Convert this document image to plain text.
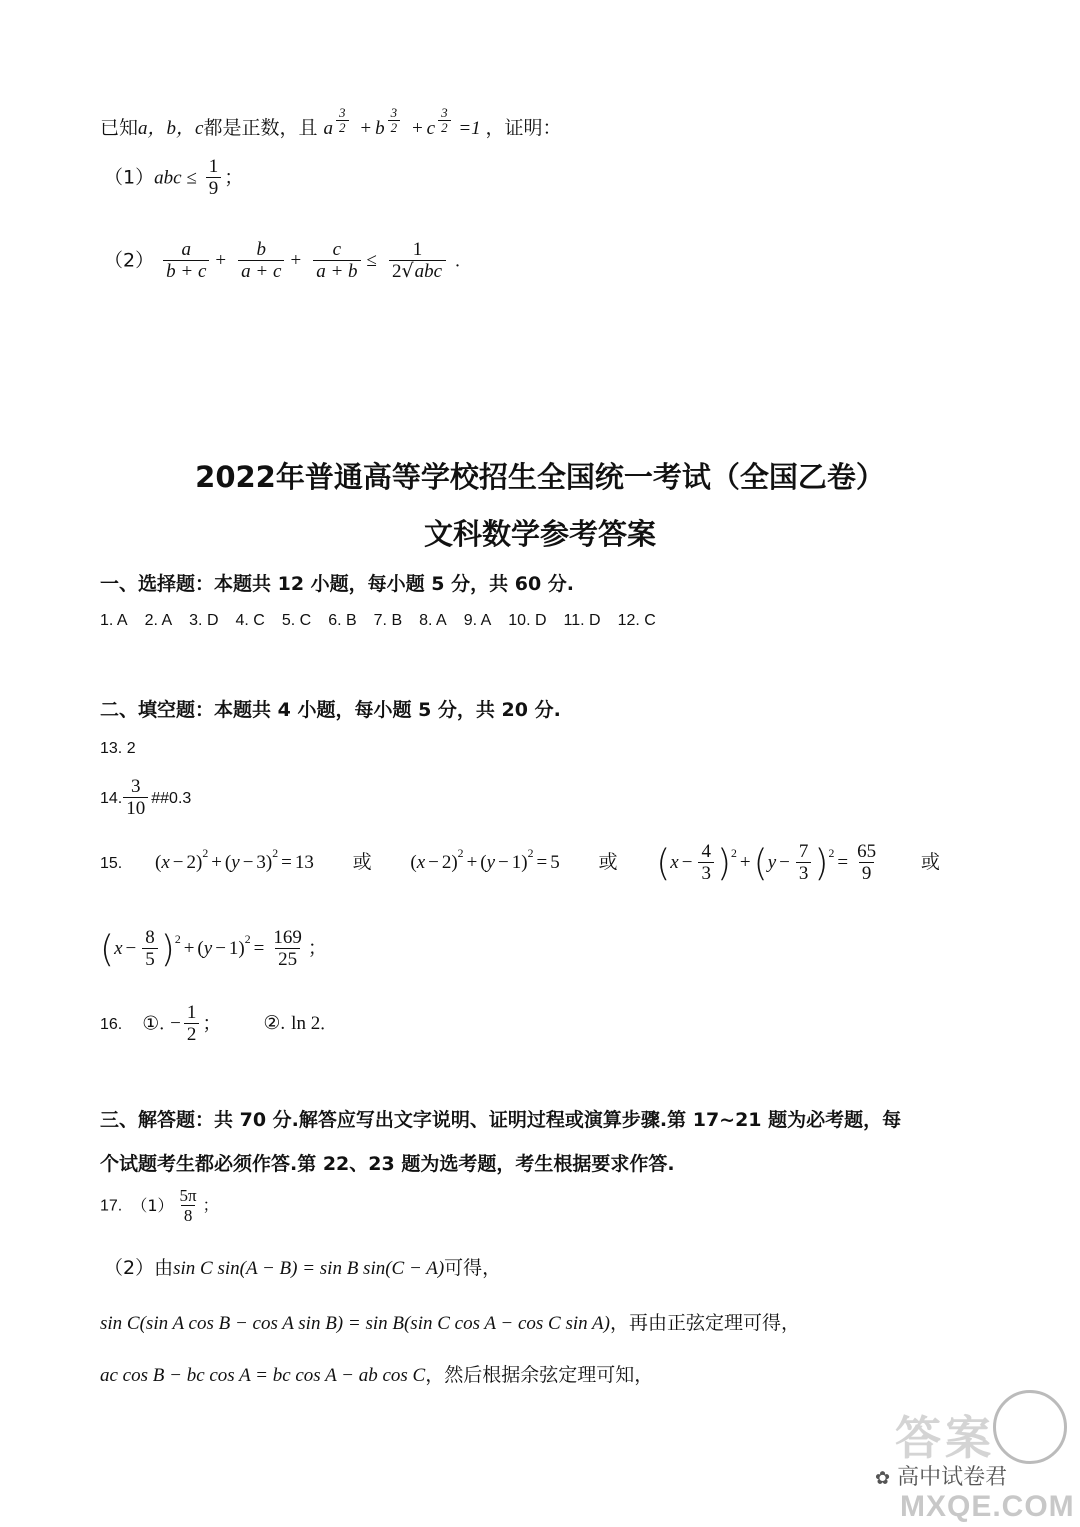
已知a，b，c都是正数，且 a $^{\frac{3}{2}}$ + b $^{\frac{3}{2}}$ + c $^{\frac{3}{2}}$ =1 ，证明：
$(1)abc \le \frac{1}{9}$ ；
$(2) \frac{a}{b + c} + \frac{b}{a + c} + \frac{c}{a + b} \le \frac{1}{\text{2√abc}}$ .
2022年普通高等学校招生全国统一考试（全国乙卷）
文科数学参考答案
一、选择题：本题共 12 小题，每小题 5 分，共 60 分.
1. A 2. A 3. D 4. C 5. C 6. B 7. B 8. A 9. A 10. D 11. D 12. C
二、填空题：本题共 4 小题，每小题 5 分，共 20 分.
13. 2
14. $\frac{3}{10}$ ##0.3
15. $(x - 2)^2 + (y - 3)^2 = 13$ 或 $(x - 2)^2 + (y - 1)^2 = 5$ 或 $(x - \frac{4}{3} )^2 +(y - \frac{7}{3} )^2 = \frac{65}{9}$ 或
$(x - \frac{8}{5} )^2 + (y - 1)^2 = \frac{169}{25}$ ；
16. ①. − $\frac{1}{2}$ ； ②. ln 2.
三、解答题：共 70 分.解答应写出文字说明、证明过程或演算步骤.第 17~21 题为必考题，每
个试题考生都必须作答.第 22、23 题为选考题，考生根据要求作答.
17. $(1) \frac{5\pi}{8}$ ；
（2）由sin C sin(A − B) = sin B sin(C − A)可得，
sin C(sin A cos B − cos A sin B) = sin B(sin C cos A − cos C sin A)，再由正弦定理可得，
ac cos B − bc cos A = bc cos A − ab cos C，然后根据余弦定理可知，
答案
✿ 高中试卷君
MXQE.COM
